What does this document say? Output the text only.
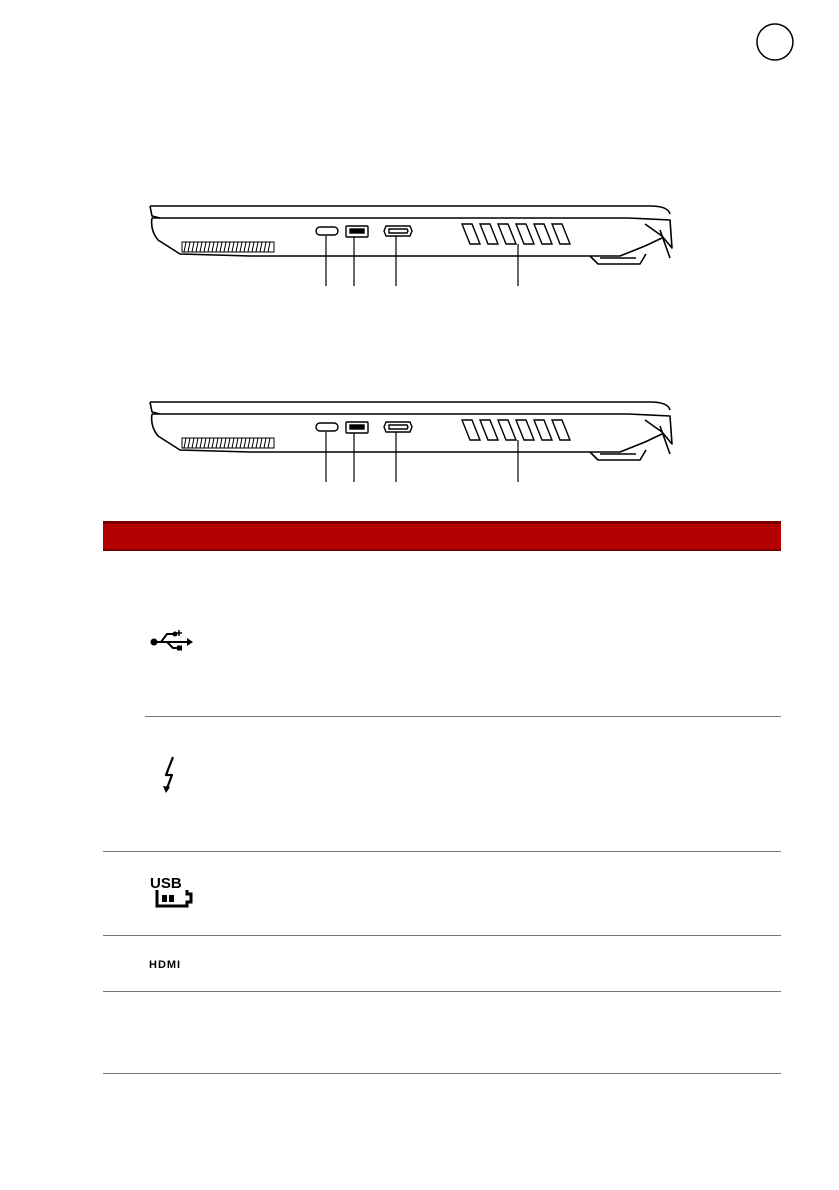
USB
HDMI
